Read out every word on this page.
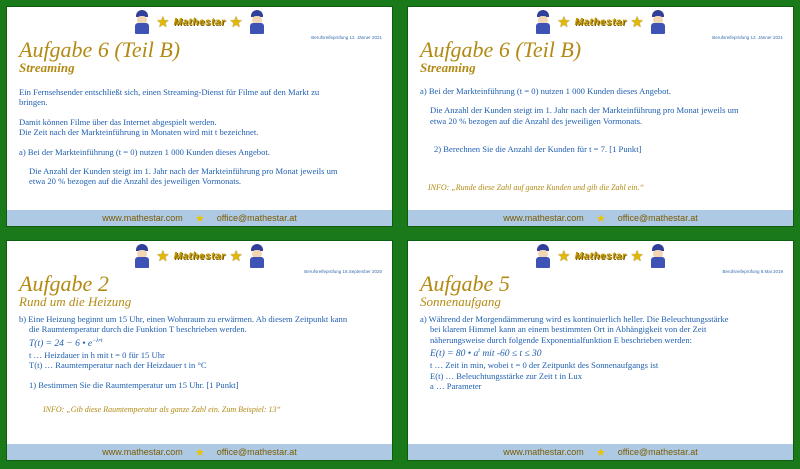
★ Mathestar ★
Berufsreifeprüfung 12. Jänner 2021
Aufgabe 6 (Teil B)
Streaming

Ein Fernsehsender entschließt sich, einen Streaming-Dienst für Filme auf den Markt zu

bringen.

Damit können Filme über das Internet abgespielt werden.

Die Zeit nach der Markteinführung in Monaten wird mit t bezeichnet.

a) Bei der Markteinführung (t = 0) nutzen 1 000 Kunden dieses Angebot.

Die Anzahl der Kunden steigt im 1. Jahr nach der Markteinführung pro Monat jeweils um

etwa 20 % bezogen auf die Anzahl des jeweiligen Vormonats.

www.mathestar.com ★ office@mathestar.at
★ Mathestar ★
Berufsreifeprüfung 12. Jänner 2021
Aufgabe 6 (Teil B)
Streaming

a) Bei der Markteinführung (t = 0) nutzen 1 000 Kunden dieses Angebot.

Die Anzahl der Kunden steigt im 1. Jahr nach der Markteinführung pro Monat jeweils um

etwa 20 % bezogen auf die Anzahl des jeweiligen Vormonats.

2) Berechnen Sie die Anzahl der Kunden für t = 7. [1 Punkt]

INFO: „Runde diese Zahl auf ganze Kunden und gib die Zahl ein.“
www.mathestar.com ★ office@mathestar.at
★ Mathestar ★
Berufsreifeprüfung 16.September 2020
Aufgabe 2
Rund um die Heizung

b) Eine Heizung beginnt um 15 Uhr, einen Wohnraum zu erwärmen. Ab diesem Zeitpunkt kann

die Raumtemperatur durch die Funktion T beschrieben werden.

T(t) = 24 − 6 • $e^{-\lambda•t}$

t … Heizdauer in h mit t = 0 für 15 Uhr

T(t) … Raumtemperatur nach der Heizdauer t in °C

1) Bestimmen Sie die Raumtemperatur um 15 Uhr. [1 Punkt]

INFO: „Gib diese Raumtemperatur als ganze Zahl ein. Zum Beispiel: 13“
www.mathestar.com ★ office@mathestar.at
★ Mathestar ★
Berufsreifeprüfung 8.Mai 2019
Aufgabe 5
Sonnenaufgang

a) Während der Morgendämmerung wird es kontinuierlich heller. Die Beleuchtungsstärke

bei klarem Himmel kann an einem bestimmten Ort in Abhängigkeit von der Zeit

näherungsweise durch folgende Exponentialfunktion E beschrieben werden:

E(t) = 80 • $a^t$ mit -60 ≤ t ≤ 30

t … Zeit in min, wobei t = 0 der Zeitpunkt des Sonnenaufgangs ist

E(t) … Beleuchtungsstärke zur Zeit t in Lux

a … Parameter

www.mathestar.com ★ office@mathestar.at
